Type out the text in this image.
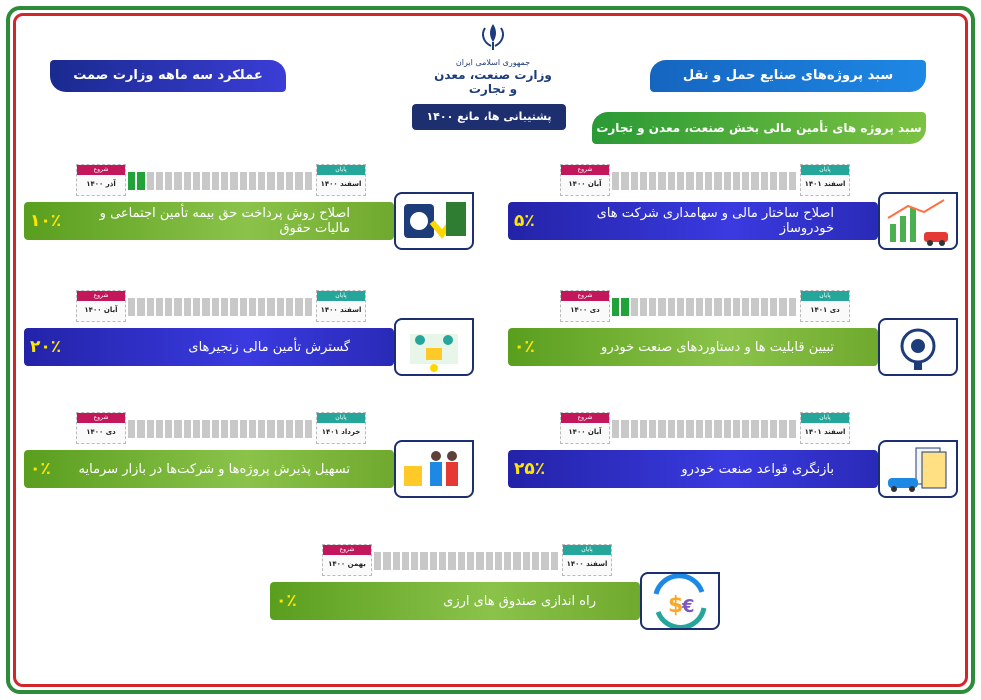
جمهوری اسلامی ایران
وزارت صنعت، معدن و تجارت
۱۴۰۰ پشتیبانی ها، مانع زدایی ها
عملکرد سه ماهه وزارت صمت	سبد پروژه‌های صنایع حمل و نقل
سبد پروژه های تأمین مالی بخش صنعت، معدن و تجارت
شروع
آبان ۱۴۰۰
پایان
اسفند ۱۴۰۱
اصلاح ساختار مالی و سهامداری شرکت های خودروساز
۵٪
شروع
آذر ۱۴۰۰
پایان
اسفند ۱۴۰۰
اصلاح روش پرداخت حق بیمه تأمین اجتماعی و مالیات حقوق
۱۰٪
شروع
دی ۱۴۰۰
پایان
دی ۱۴۰۱
تبیین قابلیت ها و دستاوردهای صنعت خودرو
۰٪
شروع
آبان ۱۴۰۰
پایان
اسفند ۱۴۰۰
گسترش تأمین مالی زنجیرهای
۲۰٪
شروع
آبان ۱۴۰۰
پایان
اسفند ۱۴۰۱
بازنگری قواعد صنعت خودرو
۲۵٪
شروع
دی ۱۴۰۰
پایان
خرداد ۱۴۰۱
تسهیل پذیرش پروژه‌ها و شرکت‌ها در بازار سرمایه
۰٪
شروع
بهمن ۱۴۰۰
پایان
اسفند ۱۴۰۰
راه اندازی صندوق های ارزی
۰٪	$
€
